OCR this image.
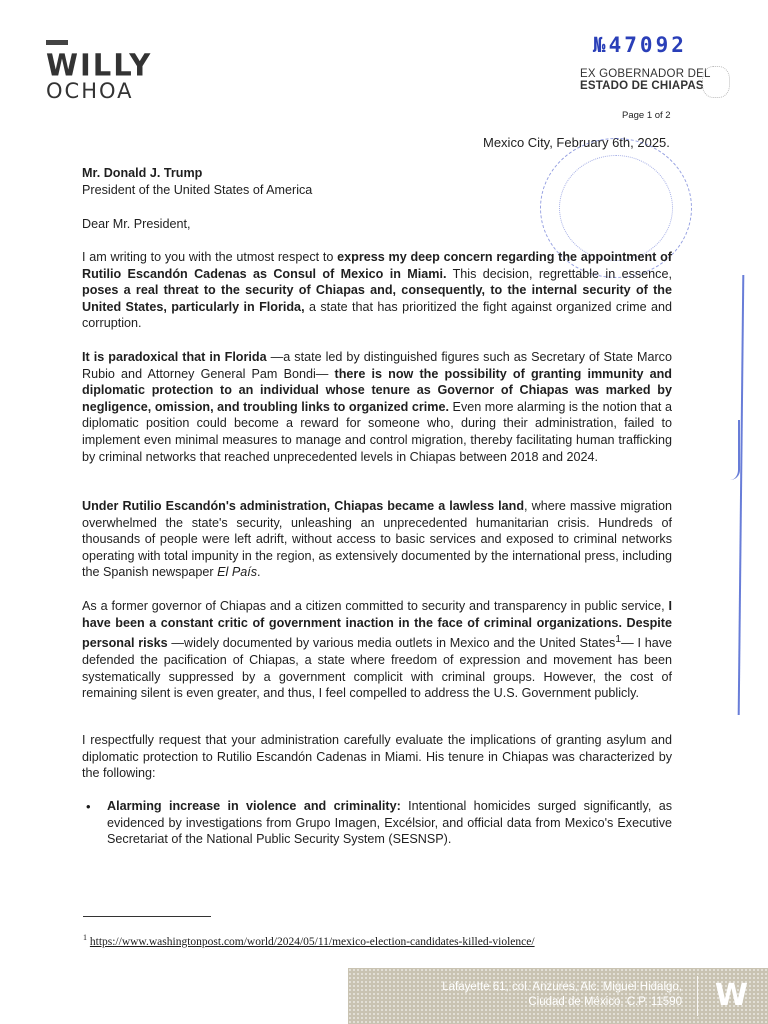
WILLY
OCHOA
№47092
EX GOBERNADOR DEL
ESTADO DE CHIAPAS
Page 1 of 2
Mexico City, February 6th, 2025.
Mr. Donald J. Trump
President of the United States of America
Dear Mr. President,
I am writing to you with the utmost respect to express my deep concern regarding the appointment of Rutilio Escandón Cadenas as Consul of Mexico in Miami. This decision, regrettable in essence, poses a real threat to the security of Chiapas and, consequently, to the internal security of the United States, particularly in Florida, a state that has prioritized the fight against organized crime and corruption.
It is paradoxical that in Florida —a state led by distinguished figures such as Secretary of State Marco Rubio and Attorney General Pam Bondi— there is now the possibility of granting immunity and diplomatic protection to an individual whose tenure as Governor of Chiapas was marked by negligence, omission, and troubling links to organized crime. Even more alarming is the notion that a diplomatic position could become a reward for someone who, during their administration, failed to implement even minimal measures to manage and control migration, thereby facilitating human trafficking by criminal networks that reached unprecedented levels in Chiapas between 2018 and 2024.
Under Rutilio Escandón's administration, Chiapas became a lawless land, where massive migration overwhelmed the state's security, unleashing an unprecedented humanitarian crisis. Hundreds of thousands of people were left adrift, without access to basic services and exposed to criminal networks operating with total impunity in the region, as extensively documented by the international press, including the Spanish newspaper El País.
As a former governor of Chiapas and a citizen committed to security and transparency in public service, I have been a constant critic of government inaction in the face of criminal organizations. Despite personal risks —widely documented by various media outlets in Mexico and the United States$^1$— I have defended the pacification of Chiapas, a state where freedom of expression and movement has been systematically suppressed by a government complicit with criminal groups. However, the cost of remaining silent is even greater, and thus, I feel compelled to address the U.S. Government publicly.
I respectfully request that your administration carefully evaluate the implications of granting asylum and diplomatic protection to Rutilio Escandón Cadenas in Miami. His tenure in Chiapas was characterized by the following:
• Alarming increase in violence and criminality: Intentional homicides surged significantly, as evidenced by investigations from Grupo Imagen, Excélsior, and official data from Mexico's Executive Secretariat of the National Public Security System (SESNSP).
$^1$ https://www.washingtonpost.com/world/2024/05/11/mexico-election-candidates-killed-violence/
Lafayette 61, col. Anzures, Alc. Miguel Hidalgo,
Ciudad de México. C.P. 11590 W
